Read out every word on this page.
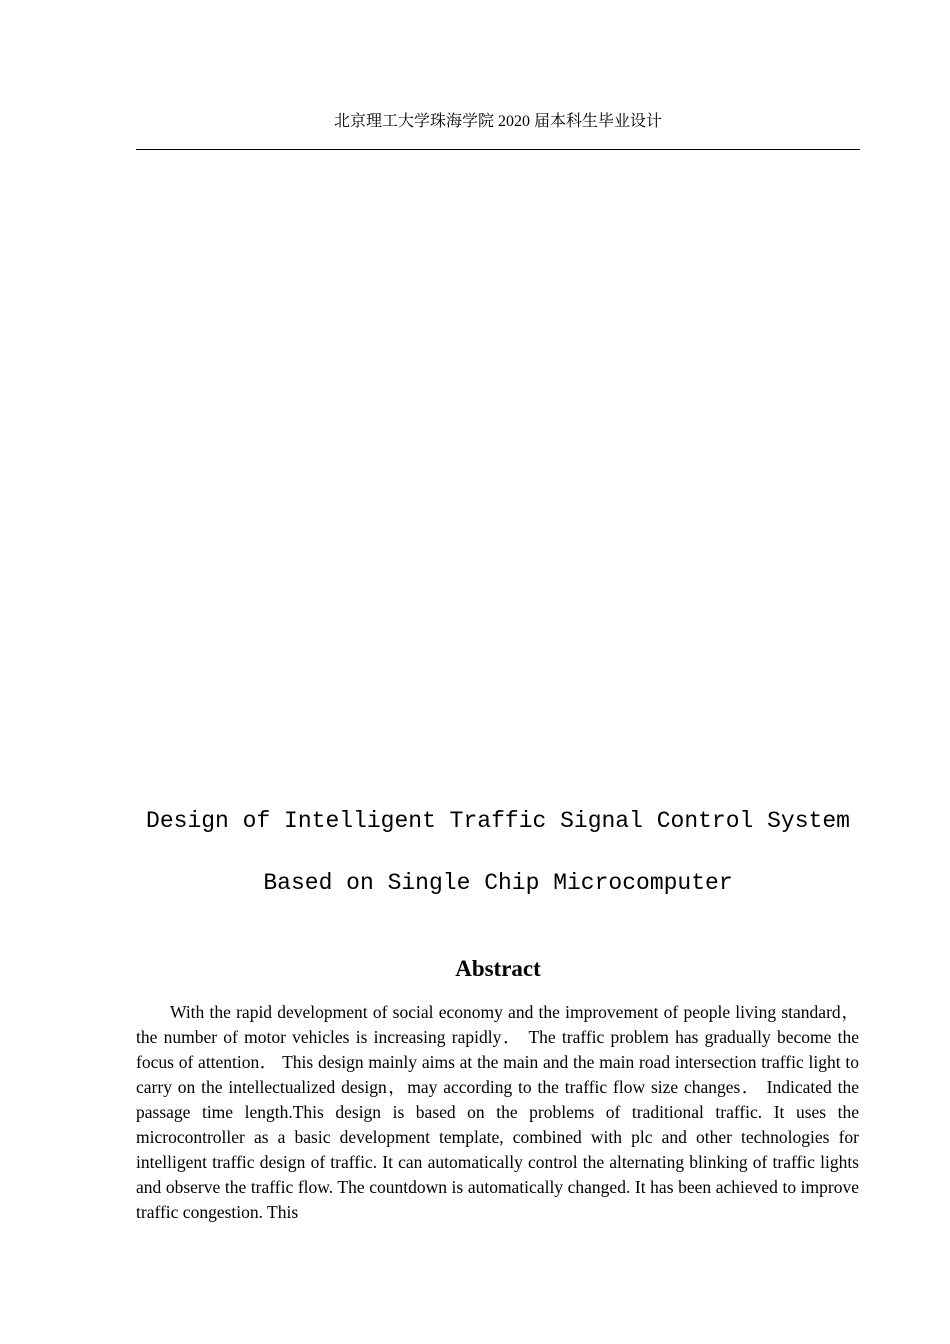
北京理工大学珠海学院 2020 届本科生毕业设计
Design of Intelligent Traffic Signal Control System
Based on Single Chip Microcomputer
Abstract

With the rapid development of social economy and the improvement of people living standard， the number of motor vehicles is increasing rapidly． The traffic problem has gradually become the focus of attention． This design mainly aims at the main and the main road intersection traffic light to carry on the intellectualized design，may according to the traffic flow size changes． Indicated the passage time length.This design is based on the problems of traditional traffic. It uses the microcontroller as a basic development template, combined with plc and other technologies for intelligent traffic design of traffic. It can automatically control the alternating blinking of traffic lights and observe the traffic flow. The countdown is automatically changed. It has been achieved to improve traffic congestion. This
